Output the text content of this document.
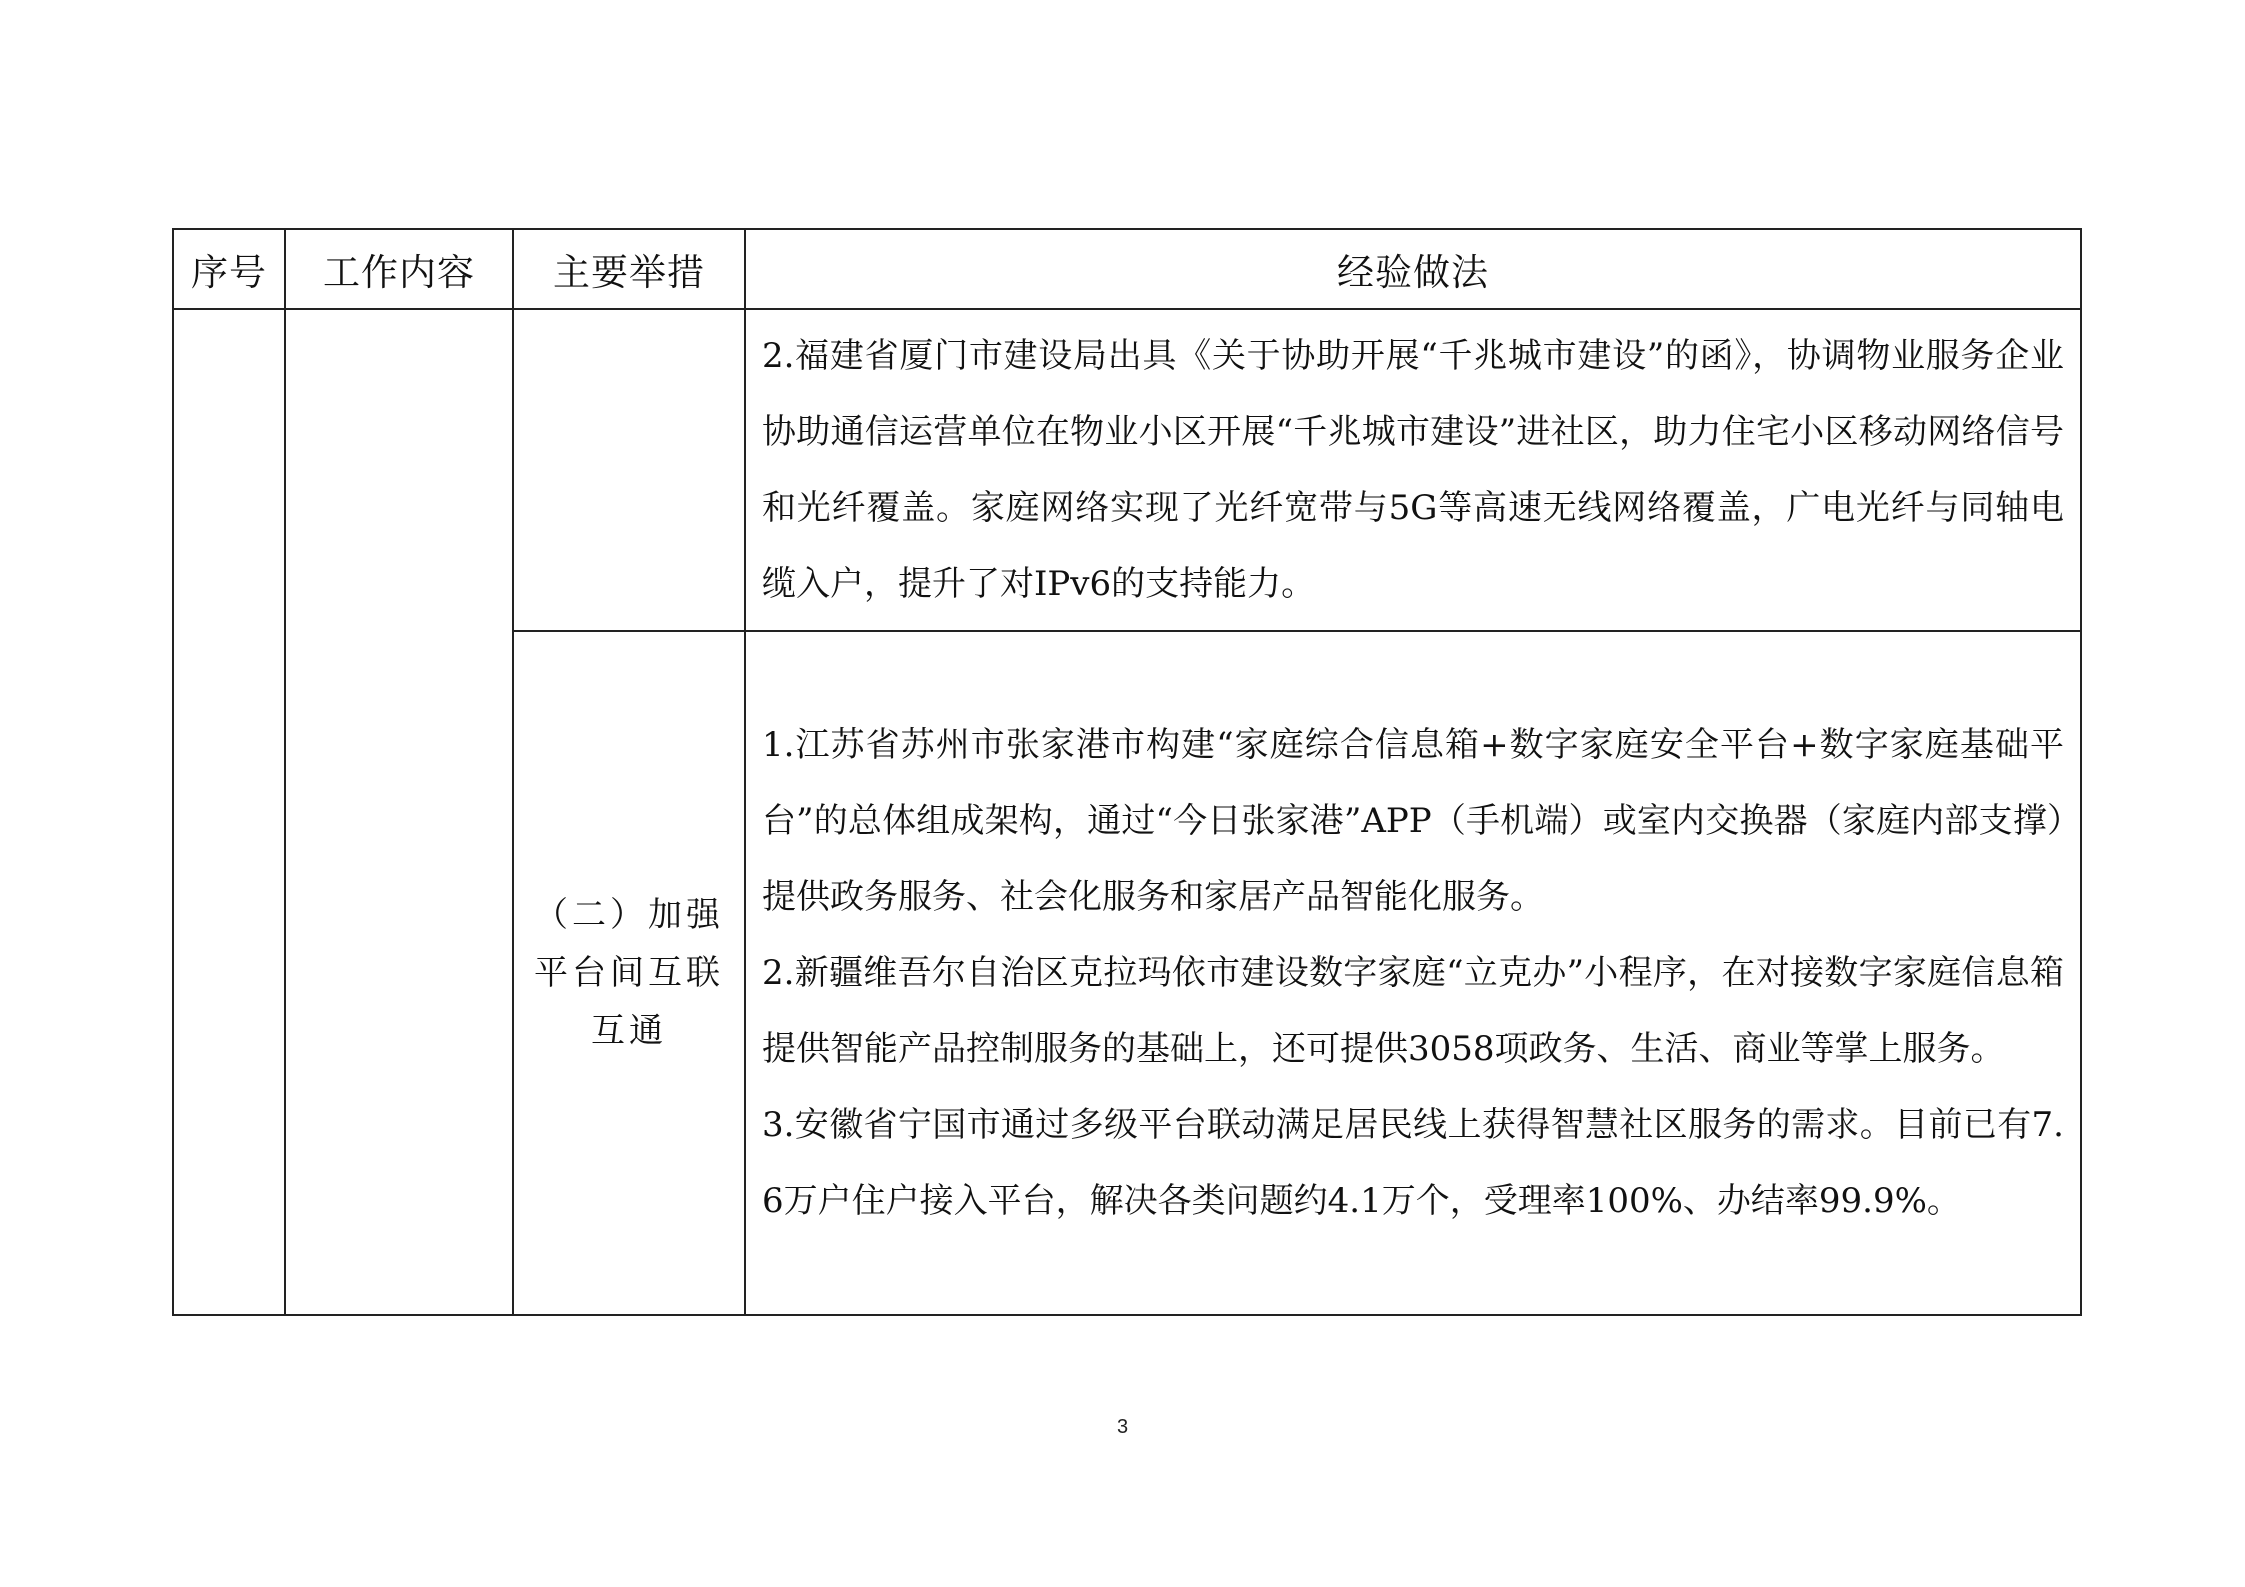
序号	工作内容	主要举措	经验做法

			2.福建省厦门市建设局出具《关于协助开展“千兆城市建设”的函》，协调物业服务企业协助通信运营单位在物业小区开展“千兆城市建设”进社区，助力住宅小区移动网络信号和光纤覆盖。家庭网络实现了光纤宽带与5G等高速无线网络覆盖，广电光纤与同轴电缆入户，提升了对IPv6的支持能力。

		（二）加强平台间互联互通	1.江苏省苏州市张家港市构建“家庭综合信息箱+数字家庭安全平台+数字家庭基础平台”的总体组成架构，通过“今日张家港”APP（手机端）或室内交换器（家庭内部支撑）提供政务服务、社会化服务和家居产品智能化服务。

2.新疆维吾尔自治区克拉玛依市建设数字家庭“立克办”小程序，在对接数字家庭信息箱提供智能产品控制服务的基础上，还可提供3058项政务、生活、商业等掌上服务。

3.安徽省宁国市通过多级平台联动满足居民线上获得智慧社区服务的需求。目前已有7.6万户住户接入平台，解决各类问题约4.1万个，受理率100%、办结率99.9%。

3
